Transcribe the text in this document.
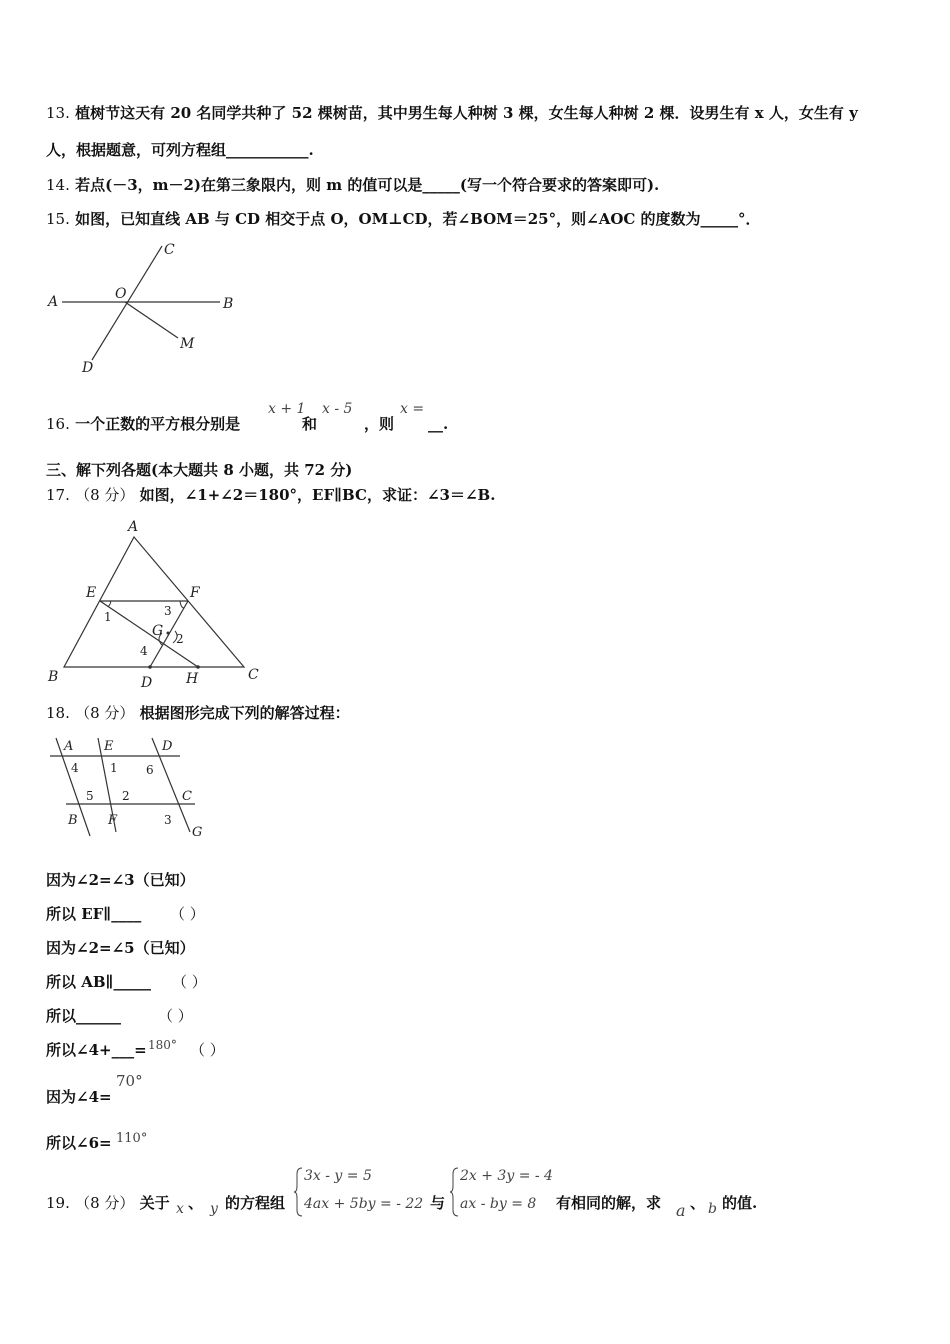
13. 植树节这天有 20 名同学共种了 52 棵树苗，其中男生每人种树 3 棵，女生每人种树 2 棵．设男生有 x 人，女生有 y
人，根据题意，可列方程组___________.
14. 若点(－3，m－2)在第三象限内，则 m 的值可以是_____(写一个符合要求的答案即可).
15. 如图，已知直线 AB 与 CD 相交于点 O，OM⊥CD，若∠BOM＝25°，则∠AOC 的度数为_____°．
A	B
C
D
O
M
16. 一个正数的平方根分别是
x + 1
和
x - 5
，则
x =
__.
三、解下列各题(本大题共 8 小题，共 72 分)
17. （8 分） 如图，∠1+∠2＝180°，EF∥BC，求证：∠3＝∠B.
A
B	C
D
E	F
G
H
1
2
3
4
18. （8 分） 根据图形完成下列的解答过程：
A E	D
B F
C
G
1
2
3
4
5
6
因为∠2=∠3（已知）
所以 EF∥____ （ ）
因为∠2=∠5（已知）
所以 AB∥_____ （ ）
所以______ （ ）
所以∠4+___= 180° （ ）
因为∠4=
70°
所以∠6= 110°
19. （8 分） 关于 x 、 y 的方程组
3x - y = 5
4ax + 5by = - 22 与
2x + 3y = - 4
ax - by = 8 有相同的解，求 a 、 b 的值.
